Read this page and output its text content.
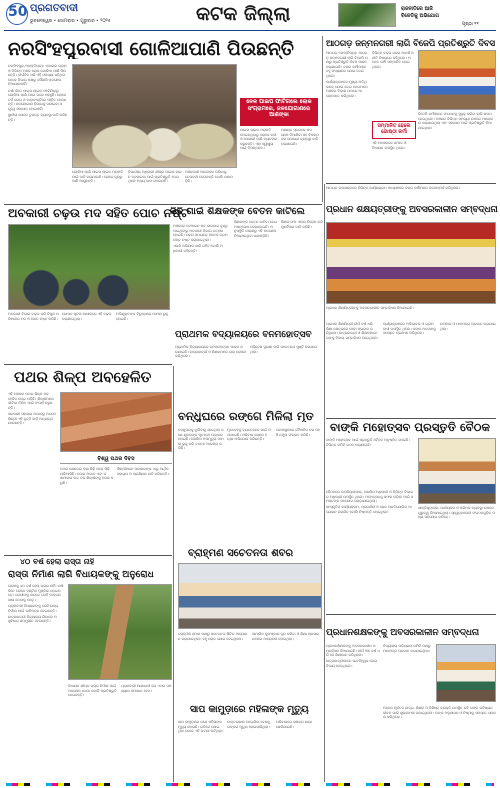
50 ପ୍ରଗତିବାଦୀ
ଭୁବନେଶ୍ୱର • ସୋମବାର • ଗୁରୁବାର • ୨୦୨୫	କଟକ ଜିଲ୍ଲା	ରାଜନୀତିରେ ଆଜି
ବିଜେଡିକୁ ଅଭିଯୋଗ
ପୃଷ୍ଠା ୧୧
ନରସିଂହପୁରବାସୀ ଗୋଳିଆପାଣି ପିଉଛନ୍ତି

ନରସିଂହପୁର,୨୭ା୭(ନିପ୍ର): ଏଠାକାର ଗ୍ରାମ ଓ ବିଭିନ୍ନ ଅଞ୍ଚଳ ଲୋକ ଗୋଳିଆ ପାଣି ପିଉଛନ୍ତି। ଦୀର୍ଘଦିନ ଧରି ଏହି ସମସ୍ୟା ରହିଥିବା ବେଳେ ବିଭାଗ ପକ୍ଷରୁ କୌଣସି ପଦକ୍ଷେପ ନିଆଯାଉନାହିଁ।

ବର୍ଷା ଦିନେ ପାଇପ ଲାଇନ ଫାଟିଯିବାରୁ ଗୋଳିଆ ପାଣି ଘରେ ଘରେ ପହଞ୍ଚୁଛି। ଲୋକେ ଚର୍ମ ରୋଗ ଓ ଝାଡ଼ାବାନ୍ତିରେ ପୀଡ଼ିତ ହେଉଛନ୍ତି। ଜଳଯୋଗାଣ ବିଭାଗକୁ ଜଣାଇବା ସତ୍ତ୍ୱେ ସମାଧାନ ହୋଇନାହିଁ।

ସ୍ଥାନୀୟ ଲୋକେ ତୁରନ୍ତ ବ୍ୟବସ୍ଥା ଦାବି କରିଛନ୍ତି।

ଗୋଳିଆ ପାଣି ପାଇପ ଲାଇନ ମରାମତି ପାଇଁ ଦାବି କରାଯାଇଛି। ଲୋକେ ଦୂରରୁ ପାଣି ଆଣୁଛନ୍ତି।

ବିଭାଗୀୟ ଅଧିକାରୀ ଶୀଘ୍ର ପାଇପ ଲାଇନ ବଦଳାଇବା ପାଇଁ ପ୍ରତିଶ୍ରୁତି ଦେଇଥିଲେ ମଧ୍ୟ କାମ ହୋଇନାହିଁ।

ଅଞ୍ଚଳବାସୀ ଆନ୍ଦୋଳନ କରିବାକୁ ଚେତାବନୀ ଦେଇଛନ୍ତି ବୋଲି ଜଣାପଡ଼ିଛି।

ନେଳ ପାଇପ ଫାଟିଗଲେ ଲୋକ ସଂଗ୍ରାମରେ, ଜଳଯୋଗାଣରେ ଆଶଙ୍କା

ପାଇପ ଲାଇନ ମରାମତି ହୋଇନଥିବାରୁ ଲୋକେ ନଦୀ ଓ ପୋଖରୀ ପାଣି ବ୍ୟବହାର କରୁଛନ୍ତି। ଏହା ସ୍ୱାସ୍ଥ୍ୟ ପାଇଁ ବିପଜ୍ଜନକ।

ପଞ୍ଚାୟତ ସ୍ତରରେ ପଦକ୍ଷେପ ନିଆଯିବା ସହ ବିକଳ୍ପ ଜଳ ଯୋଗାଣ ବ୍ୟବସ୍ଥା ଦାବି କରାଯାଇଛି।

ଆଠଗଡ଼ ଜନ୍ମନଗରୀ ଲାଗି ବିଜେପି ପ୍ରତିଶ୍ରୁତି ଦିବସ

ଆଠଗଡ଼,୨୭ା୭(ନିପ୍ର): ଆଠଗଡ଼ ଜନ୍ମନଗରୀ ଲାଗି ବିଜେପି ପକ୍ଷରୁ ପ୍ରତିଶ୍ରୁତି ଦିବସ ପାଳନ କରାଯାଇଛି। ଦଳର କର୍ମୀମାନେ ବହୁ ସଂଖ୍ୟାରେ ଯୋଗ ଦେଇଥିଲେ।

କାର୍ଯ୍ୟକ୍ରମରେ ମୁଖ୍ୟ ଅତିଥି ଭାବେ ଯୋଗ ଦେଇ ନେତାମାନେ ଅଞ୍ଚଳର ବିକାଶ ଉପରେ ଆଲୋକପାତ କରିଥିଲେ।

ବିଭିନ୍ନ ବକ୍ତା ଦଳର ଆଦର୍ଶ ଓ ନୀତି ବିଷୟରେ କହିଥିଲେ। ଅନେକ କର୍ମୀ ସମ୍ମାନିତ ହୋଇଥିଲେ।

ସମ୍ମାନିତ ହେଲେ ଗୋଷ୍ଠୀ କର୍ମୀ

ଏହି ଅବସରରେ ସାଂସଦ ଓ ବିଧାୟକ ଉପସ୍ଥିତ ଥିଲେ।

ବିଜେପି କର୍ମୀମାନେ ସଂଗଠନକୁ ସୁଦୃଢ଼ କରିବା ଲାଗି ଶପଥ ନେଇଥିଲେ। ଅଞ୍ଚଳର ବିଭିନ୍ନ ସମସ୍ୟା ଉପରେ ଆଲୋଚନା କରାଯାଇଥିଲା ଏବଂ ସମାଧାନ ପାଇଁ ପ୍ରତିଶ୍ରୁତି ଦିଆଯାଇଥିଲା।

ଅବକାରୀ ଚଢ଼ଉ ମଦ ସହିତ ପୋଚ ନଷ୍ଟ

ଅବକାରୀ ବିଭାଗ ଚଢ଼ଉ କରି ବିପୁଳ ପରିମାଣର ମଦ ଓ ପୋଚ ନଷ୍ଟ କରିଛି।

ଗୋପନ ସୂଚନା ଆଧାରରେ ଏହି ଚଢ଼ଉ କରାଯାଇଥିଲା।

ଅଭିଯୁକ୍ତଙ୍କ ବିରୁଦ୍ଧରେ ମାମଲା ରୁଜୁ ହୋଇଛି।

ଅଞ୍ଚଳରେ ବେଆଇନ ମଦ କାରବାର ବୃଦ୍ଧି ପାଇଥିବାରୁ ଅବକାରୀ ବିଭାଗ ତତ୍ପର ହୋଇଛି। ଚଢ଼ଉ ସମୟରେ ଅନେକ ଡ୍ରମ ପୋଚ ନଷ୍ଟ କରାଯାଇଥିଲା।

ଏଭଳି ଅଭିଯାନ ଜାରି ରହିବ ବୋଲି ଅଧିକାରୀ କହିଛନ୍ତି।

ବିବି ଗାଇଁ ଶିକ୍ଷକଙ୍କ ବେତନ କାଟିଲେ

ଶିକ୍ଷକଙ୍କ ବେତନ କାଟିବା ନେଇ ଅସନ୍ତୋଷ ଦେଖାଦେଇଛି। ଅନୁପସ୍ଥିତି କାରଣରୁ ଏହି ପଦକ୍ଷେପ ନିଆଯାଇଥିବା ଜଣାପଡ଼ିଛି।

ଶିକ୍ଷକ ସଂଘ ଏହାର ବିରୋଧ କରି ପୁନର୍ବିଚାର ଦାବି କରିଛି।

ପ୍ରଧାନ ଶିକ୍ଷୟିତ୍ରୀଙ୍କୁ ଅବସରକାଳୀନ ସମ୍ବର୍ଦ୍ଧନା

ଆଠଗଡ଼ ଉପଖଣ୍ଡରେ ବିଭିନ୍ନ କାର୍ଯ୍ୟକ୍ରମ ମାଧ୍ୟମରେ ଦଳର କର୍ମୀମାନେ ଜନସମ୍ପର୍କ କରିଥିଲେ।

ପ୍ରଧାନ ଶିକ୍ଷୟିତ୍ରୀଙ୍କୁ ଅବସରକାଳୀନ ସମ୍ବର୍ଦ୍ଧନା ଦିଆଯାଇଛି।

ପ୍ରାଥମିକ ବିଦ୍ୟାଳୟରେ ବନମହୋତ୍ସବ

ପ୍ରାଥମିକ ବିଦ୍ୟାଳୟରେ ବନମହୋତ୍ସବ ପାଳନ କରାଯାଇଛି। ଛାତ୍ରଛାତ୍ରୀ ଓ ଶିକ୍ଷକମାନେ ଚାରା ରୋପଣ କରିଥିଲେ।

ପରିବେଶ ସୁରକ୍ଷା ଲାଗି ସଚେତନତା ସୃଷ୍ଟି କରାଯାଇଥିଲା।

ପଥର ଶିଳ୍ପ ଅବହେଳିତ

ଏହି ଅଞ୍ଚଳର ପଥର ଶିଳ୍ପ ଅବହେଳିତ ହୋଇ ପଡ଼ିଛି। ଶିଳ୍ପୀମାନେ ଜୀବିକା ନିର୍ବାହ ପାଇଁ ସଂଘର୍ଷ କରୁଛନ୍ତି।

ସରକାରୀ ସହାୟତା ଅଭାବରୁ ଅନେକ ଶିଳ୍ପୀ ଏହି ବୃତ୍ତି ଛାଡ଼ି ଅନ୍ୟତ୍ର ଯାଉଛନ୍ତି।

ବିଶ୍ୱ ପଥର ଦିବସ

ପଥର ଖୋଦେଇ କଳା ପିଢ଼ି ପରେ ପିଢ଼ି ଚାଲିଆସିଛି। ବଜାର ଅଭାବ ଏବଂ କଞ୍ଚାମାଲର ଉଚ୍ଚ ଦର ଶିଳ୍ପୀଙ୍କୁ ହତାଶ କରୁଛି।

ଶିଳ୍ପୀମାନେ ସରକାରଙ୍କ ଠାରୁ ଆର୍ଥିକ ସହାୟତା ଓ ପ୍ରଶିକ୍ଷଣ ଦାବି କରିଛନ୍ତି।

ବନ୍ଧୁଘରେ ରଙ୍ଗେ ମିଳିଲା ମୃତ

ବନ୍ଧୁଘରକୁ ବୁଲିବାକୁ ଯାଇଥିବା ଜଣେ ଯୁବକଙ୍କ ମୃତଦେହ ଉଦ୍ଧାର ହୋଇଛି। ପୋଲିସ ଅପମୃତ୍ୟୁ ମାମଲା ରୁଜୁ କରି ତଦନ୍ତ ଆରମ୍ଭ କରିଛି।

ମୃତଦେହକୁ ବ୍ୟବଚ୍ଛେଦ ପାଇଁ ପଠାଯାଇଛି। ପରିବାର ଲୋକେ ହତ୍ୟା ଅଭିଯୋଗ କରିଛନ୍ତି।

ଘଟଣାସ୍ଥଳରେ ବୈଜ୍ଞାନିକ ଦଳ ପହଞ୍ଚି ନମୁନା ସଂଗ୍ରହ କରିଛି।

ବାଙ୍କି ମହୋତ୍ସବ ପ୍ରସ୍ତୁତି ବୈଠକ

ପ୍ରଧାନ ଶିକ୍ଷୟିତ୍ରୀ ଦୀର୍ଘ ବର୍ଷ ଧରି ଶିକ୍ଷା କ୍ଷେତ୍ରରେ ସେବା ପ୍ରଦାନ କରିଥିଲେ। ଛାତ୍ରଛାତ୍ରୀ ଓ ଶିକ୍ଷକମାନେ ତାଙ୍କୁ ବିଦାୟ ସମ୍ବର୍ଦ୍ଧନା ଦେଇଥିଲେ।

କାର୍ଯ୍ୟକ୍ରମରେ ଅଭିଭାବକ ଓ ଗ୍ରାମବାସୀ ଉପସ୍ଥିତ ଥିଲେ। ତାଙ୍କ ଅବଦାନକୁ ସମସ୍ତେ ପ୍ରଶଂସା କରିଥିଲେ।

ଉପହାର ଓ ମାନପତ୍ର ପ୍ରଦାନ କରାଯାଇଥିଲା।

ବାଙ୍କି ମହୋତ୍ସବ ପାଇଁ ପ୍ରସ୍ତୁତି ବୈଠକ ଅନୁଷ୍ଠିତ ହୋଇଛି। ବିଭିନ୍ନ କମିଟି ଗଠନ କରାଯାଇଛି।

ବୈଠକରେ ଉପଜିଲ୍ଲାପାଳ, ପୋଲିସ ଅଧିକାରୀ ଓ ବିଭିନ୍ନ ବିଭାଗର ଅଧିକାରୀ ଉପସ୍ଥିତ ଥିଲେ। ମହୋତ୍ସବକୁ ସଫଳ କରିବା ପାଇଁ ସମସ୍ତଙ୍କ ସହଯୋଗ ଲୋଡ଼ାଯାଇଥିଲା।

ସାଂସ୍କୃତିକ କାର୍ଯ୍ୟକ୍ରମ, ପ୍ରଦର୍ଶନୀ ଓ ଖେଳ ପ୍ରତିଯୋଗିତା ଆୟୋଜନ କରାଯିବ ବୋଲି ନିଷ୍ପତ୍ତି ହୋଇଥିଲା।

ଶାନ୍ତିଶୃଙ୍ଖଳା, ପାନୀୟଜଳ ଓ ପରିମଳ ବ୍ୟବସ୍ଥା ଉପରେ ଗୁରୁତ୍ୱ ଦିଆଯାଇଥିଲା। ସ୍ୱେଚ୍ଛାସେବୀ ସଂଗଠନଗୁଡ଼ିକ ମଧ୍ୟ ସହଯୋଗ କରିବେ।

ବ୍ରାହ୍ମଣ ସଚେତନତା ଶିବିର

ବ୍ରାହ୍ମଣ ସମାଜ ପକ୍ଷରୁ ସଚେତନତା ଶିବିର ଆୟୋଜନ କରାଯାଇଥିଲା। ବହୁ ଲୋକ ଯୋଗ ଦେଇଥିଲେ।

ସାମାଜିକ କୁସଂସ୍କାର ଦୂର କରିବା ଓ ଶିକ୍ଷା ପ୍ରସାର ଉପରେ ଆଲୋଚନା ହୋଇଥିଲା।

୪୦ ବର୍ଷ ହେଲା ରାସ୍ତା ନାହିଁ
ରାସ୍ତା ନିର୍ମାଣ ଲାଗି ବିଧାୟକଙ୍କୁ ଅନୁରୋଧ

ଗ୍ରାମକୁ ୪୦ ବର୍ଷ ହେଲା ରାସ୍ତା ନାହିଁ। ବର୍ଷା ଦିନେ ଲୋକେ ହଣ୍ଟିବା ମୁସ୍କିଲ ହୋଇପଡ଼େ। ରୋଗୀଙ୍କୁ ଖଟରେ ବୋହି ଡାକ୍ତରଖାନା ନେବାକୁ ପଡ଼େ।

ଗ୍ରାମବାସୀ ବିଧାୟକଙ୍କୁ ଭେଟି ରାସ୍ତା ନିର୍ମାଣ ପାଇଁ ଦାବିପତ୍ର ଦେଇଛନ୍ତି।

ଛାତ୍ରଛାତ୍ରୀ ବିଦ୍ୟାଳୟ ଯିବାରେ ଅସୁବିଧାର ସମ୍ମୁଖୀନ ହେଉଛନ୍ତି।

ବିଧାୟକ ଶୀଘ୍ର ରାସ୍ତା ନିର୍ମାଣ ପାଇଁ ପଦକ୍ଷେପ ନେବେ ବୋଲି ପ୍ରତିଶ୍ରୁତି ଦେଇଛନ୍ତି।

ଗ୍ରାମବାସୀ ଆଶାବାଦୀ ଯେ ଏଥର ସମସ୍ୟାର ସମାଧାନ ହେବ।

ସାପ କାମୁଡ଼ାରେ ମହିଳାଙ୍କ ମୃତ୍ୟୁ

ସାପ କାମୁଡ଼ାରେ ଜଣେ ମହିଳାଙ୍କ ମୃତ୍ୟୁ ହୋଇଛି। ରାତିରେ ଶୋଇଥିବା ବେଳେ ଏହି ଘଟଣା ଘଟିଥିଲା।

ଡାକ୍ତରଖାନା ନେଇଯିବା ବେଳକୁ ତାଙ୍କର ମୃତ୍ୟୁ ହୋଇସାରିଥିଲା।

ପରିବାରରେ ଶୋକର ଛାୟା ଖେଳିଯାଇଛି।

ପ୍ରଧାନଶିକ୍ଷକଙ୍କୁ ଅବସରକାଳୀନ ସମ୍ବର୍ଦ୍ଧନା

ପ୍ରଧାନଶିକ୍ଷକଙ୍କୁ ଅବସରକାଳୀନ ସମ୍ବର୍ଦ୍ଧନା ଦିଆଯାଇଛି। ଦୀର୍ଘ ୩୫ ବର୍ଷ ଧରି ସେ ଶିକ୍ଷାଦାନ କରିଥିଲେ।

ଛାତ୍ରଛାତ୍ରୀମାନେ ଭାବବିହ୍ୱଳ ହୋଇ ବିଦାୟ ଦେଇଥିଲେ।

ବିଦ୍ୟାଳୟ ପରିଚାଳନା କମିଟି ପକ୍ଷରୁ ମାନପତ୍ର ପ୍ରଦାନ କରାଯାଇଥିଲା।

ଅନେକ ପୂର୍ବତନ ଛାତ୍ର, ଶିକ୍ଷକ ଓ ବିଶିଷ୍ଟ ବ୍ୟକ୍ତି ଉପସ୍ଥିତ ରହି ତାଙ୍କ ଭବିଷ୍ୟତ ଜୀବନ ପାଇଁ ଶୁଭକାମନା ଜଣାଇଥିଲେ। ତାଙ୍କ ଅନୁଶାସନ ଓ ନିଷ୍ଠାକୁ ସମସ୍ତେ ସ୍ମରଣ କରିଥିଲେ।
